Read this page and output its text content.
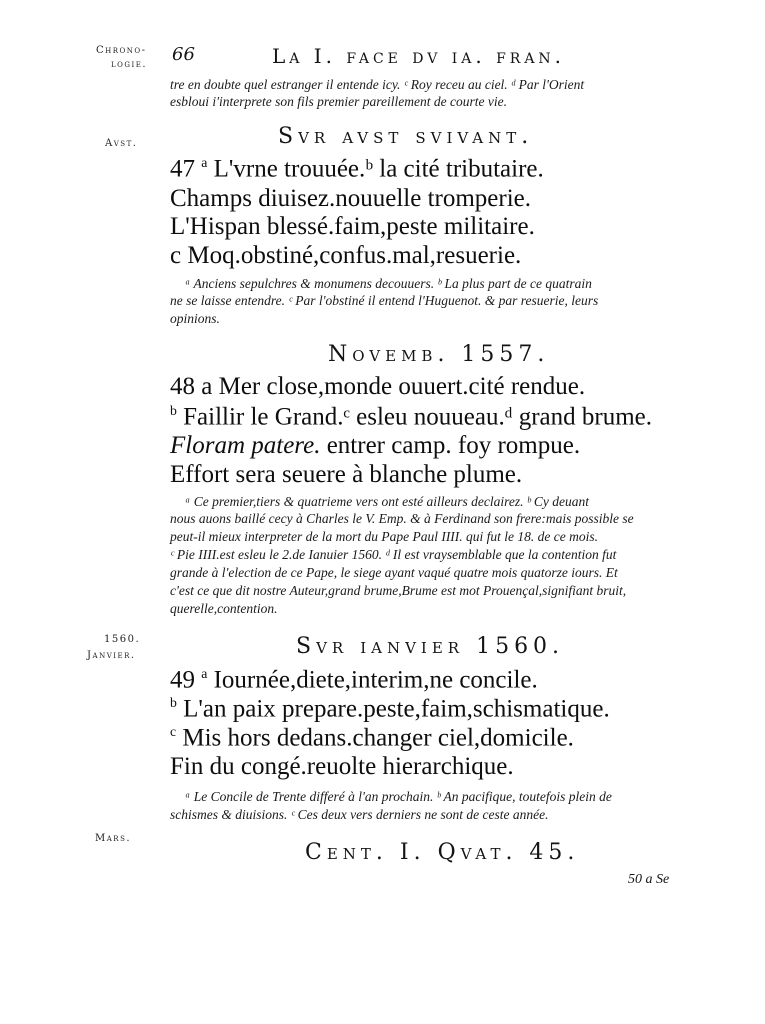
Chrono-
logie.
Avst.
1560.
Janvier.
Mars.
66	La I. face dv ia. fran.
tre en doubte quel estranger il entende icy. ᶜ Roy receu au ciel. ᵈ Par l'Orient
esbloui i'interprete son fils premier pareillement de courte vie.
Svr avst svivant.
47 $^a$ L'vrne trouuée.ᵇ la cité tributaire.
Champs diuisez.nouuelle tromperie.
L'Hispan blessé.faim,peste militaire.
c Moq.obstiné,confus.mal,resuerie.
ᵃ Anciens sepulchres & monumens decouuers. ᵇ La plus part de ce quatrain
ne se laisse entendre. ᶜ Par l'obstiné il entend l'Huguenot. & par resuerie, leurs
opinions.
Novemb. 1557.
48 a Mer close,monde ouuert.cité rendue.
$^b$ Faillir le Grand.ᶜ esleu nouueau.ᵈ grand brume.
Floram patere. entrer camp. foy rompue.
Effort sera seuere à blanche plume.
ᵃ Ce premier,tiers & quatrieme vers ont esté ailleurs declairez. ᵇ Cy deuant
nous auons baillé cecy à Charles le V. Emp. & à Ferdinand son frere:mais possible se
peut-il mieux interpreter de la mort du Pape Paul IIII. qui fut le 18. de ce mois.
ᶜ Pie IIII.est esleu le 2.de Ianuier 1560. ᵈ Il est vraysemblable que la contention fut
grande à l'election de ce Pape, le siege ayant vaqué quatre mois quatorze iours. Et
c'est ce que dit nostre Auteur,grand brume,Brume est mot Prouençal,signifiant bruit,
querelle,contention.
Svr ianvier 1560.
49 $^a$ Iournée,diete,interim,ne concile.
$^b$ L'an paix prepare.peste,faim,schismatique.
$^c$ Mis hors dedans.changer ciel,domicile.
Fin du congé.reuolte hierarchique.
ᵃ Le Concile de Trente differé à l'an prochain. ᵇ An pacifique, toutefois plein de
schismes & diuisions. ᶜ Ces deux vers derniers ne sont de ceste année.
Cent. I. Qvat. 45.
50 a Se
